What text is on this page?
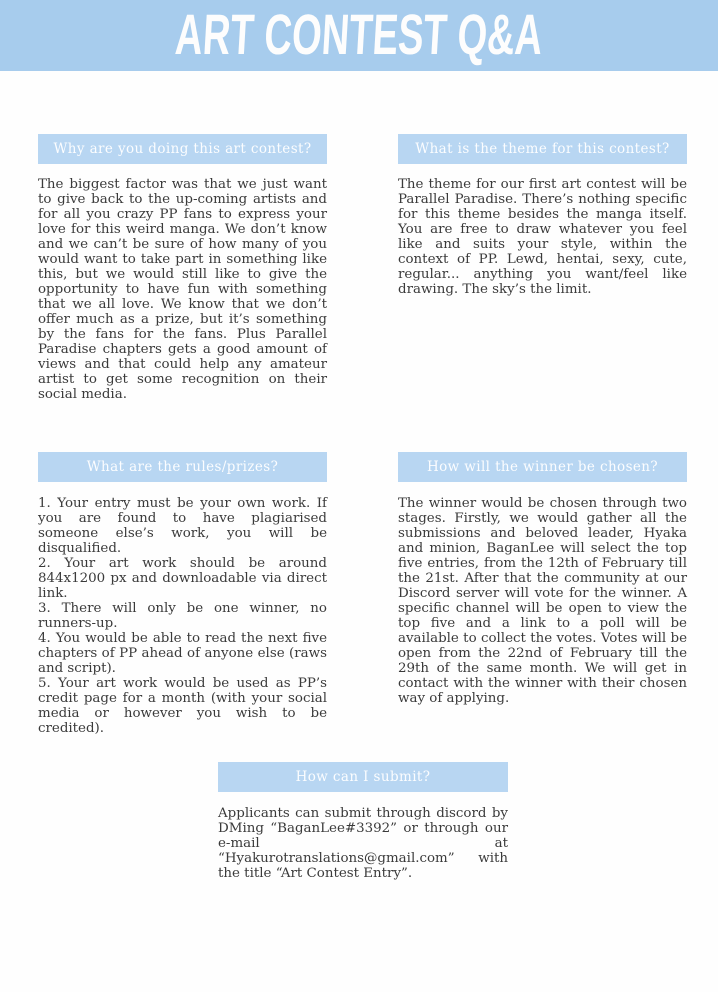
ART CONTEST Q&A
Why are you doing this art contest?

The biggest factor was that we just want to give back to the up-coming artists and for all you crazy PP fans to express your love for this weird manga. We don’t know and we can’t be sure of how many of you would want to take part in something like this, but we would still like to give the opportunity to have fun with something that we all love. We know that we don’t offer much as a prize, but it’s something by the fans for the fans. Plus Parallel Paradise chapters gets a good amount of views and that could help any amateur artist to get some recognition on their social media.

What is the theme for this contest?

The theme for our first art contest will be Parallel Paradise. There’s nothing specific for this theme besides the manga itself. You are free to draw whatever you feel like and suits your style, within the context of PP. Lewd, hentai, sexy, cute, regular... anything you want/feel like drawing. The sky’s the limit.

What are the rules/prizes?

1. Your entry must be your own work. If you are found to have plagiarised someone else’s work, you will be disqualified.

2. Your art work should be around 844x1200 px and downloadable via direct link.

3. There will only be one winner, no runners-up.

4. You would be able to read the next five chapters of PP ahead of anyone else (raws and script).

5. Your art work would be used as PP’s credit page for a month (with your social media or however you wish to be credited).

How will the winner be chosen?

The winner would be chosen through two stages. Firstly, we would gather all the submissions and beloved leader, Hyaka and minion, BaganLee will select the top five entries, from the 12th of February till the 21st. After that the community at our Discord server will vote for the winner. A specific channel will be open to view the top five and a link to a poll will be available to collect the votes. Votes will be open from the 22nd of February till the 29th of the same month. We will get in contact with the winner with their chosen way of applying.

How can I submit?

Applicants can submit through discord by DMing “BaganLee#3392” or through our e-mail at “Hyakurotranslations@gmail.com” with the title “Art Contest Entry”.
